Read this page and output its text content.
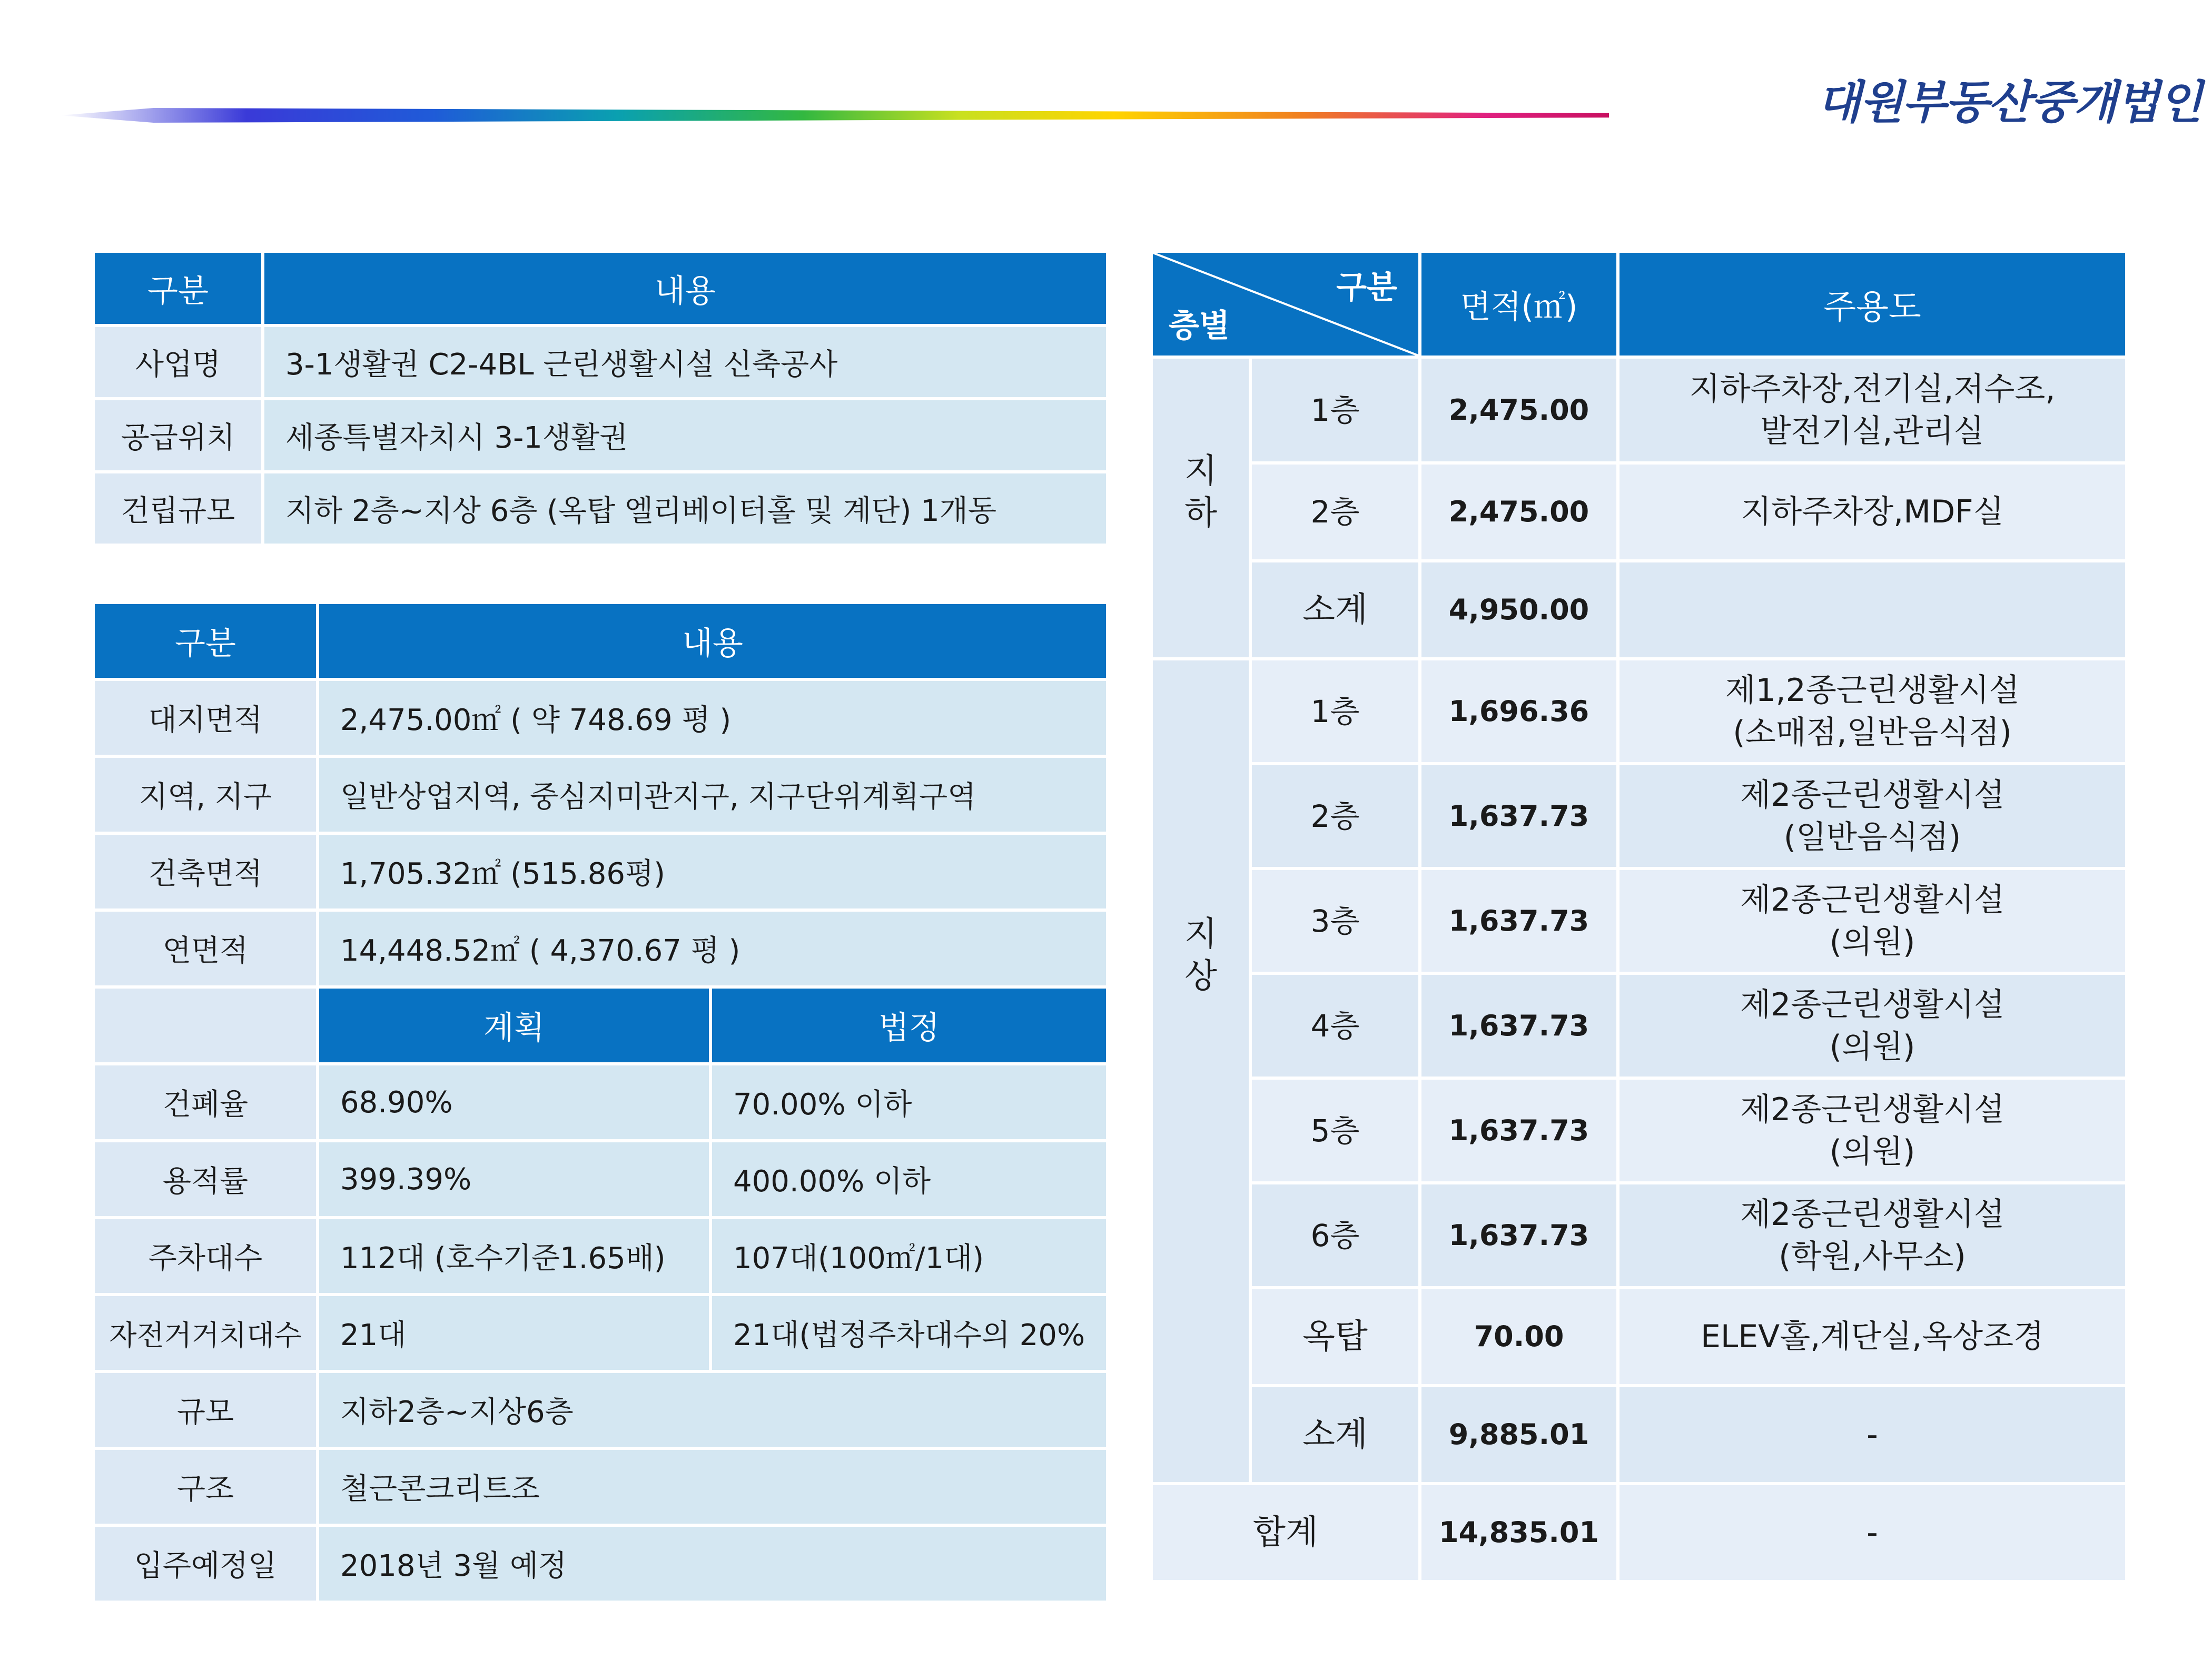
대원부동산중개법인
구분	내용
사업명	3-1생활권 C2-4BL 근린생활시설 신축공사
공급위치	세종특별자치시 3-1생활권
건립규모	지하 2층~지상 6층 (옥탑 엘리베이터홀 및 계단) 1개동
구분	내용	
대지면적	2,475.00㎡ ( 약 748.69 평 )	
지역, 지구	일반상업지역, 중심지미관지구, 지구단위계획구역	
건축면적	1,705.32㎡ (515.86평)	
연면적	14,448.52㎡ ( 4,370.67 평 )	
	계획	법정
건폐율	68.90%	70.00% 이하
용적률	399.39%	400.00% 이하
주차대수	112대 (호수기준1.65배)	107대(100㎡/1대)
자전거거치대수	21대	21대(법정주차대수의 20%
규모	지하2층~지상6층	
구조	철근콘크리트조	
입주예정일	2018년 3월 예정	
구분
층별		면적(㎡)	주용도

지
하	1층	2,475.00	지하주차장,전기실,저수조,
발전기실,관리실
	2층	2,475.00	지하주차장,MDF실
	소계	4,950.00	

지
상	1층	1,696.36	제1,2종근린생활시설
(소매점,일반음식점)
	2층	1,637.73	제2종근린생활시설
(일반음식점)
	3층	1,637.73	제2종근린생활시설
(의원)
	4층	1,637.73	제2종근린생활시설
(의원)
	5층	1,637.73	제2종근린생활시설
(의원)
	6층	1,637.73	제2종근린생활시설
(학원,사무소)
	옥탑	70.00	ELEV홀,계단실,옥상조경
	소계	9,885.01	-
합계		14,835.01	-
